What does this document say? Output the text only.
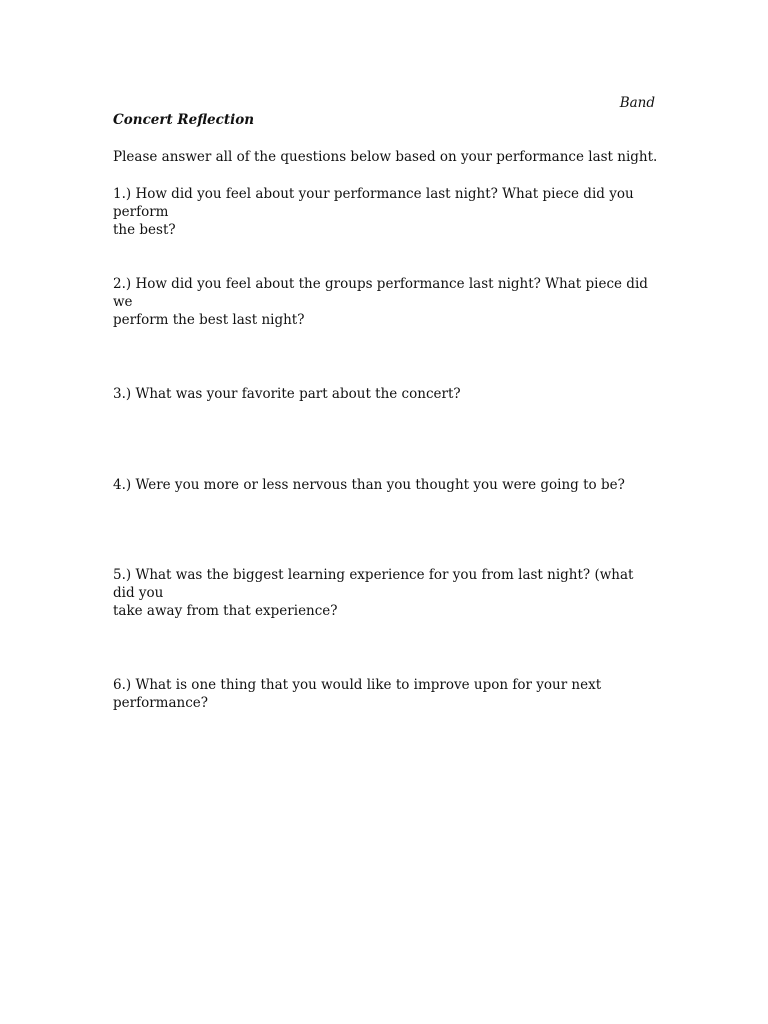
Band
Concert Reflection
Please answer all of the questions below based on your performance last night.
1.) How did you feel about your performance last night? What piece did you perform
the best?
2.) How did you feel about the groups performance last night? What piece did we
perform the best last night?
3.) What was your favorite part about the concert?
4.) Were you more or less nervous than you thought you were going to be?
5.) What was the biggest learning experience for you from last night? (what did you
take away from that experience?
6.) What is one thing that you would like to improve upon for your next
performance?
